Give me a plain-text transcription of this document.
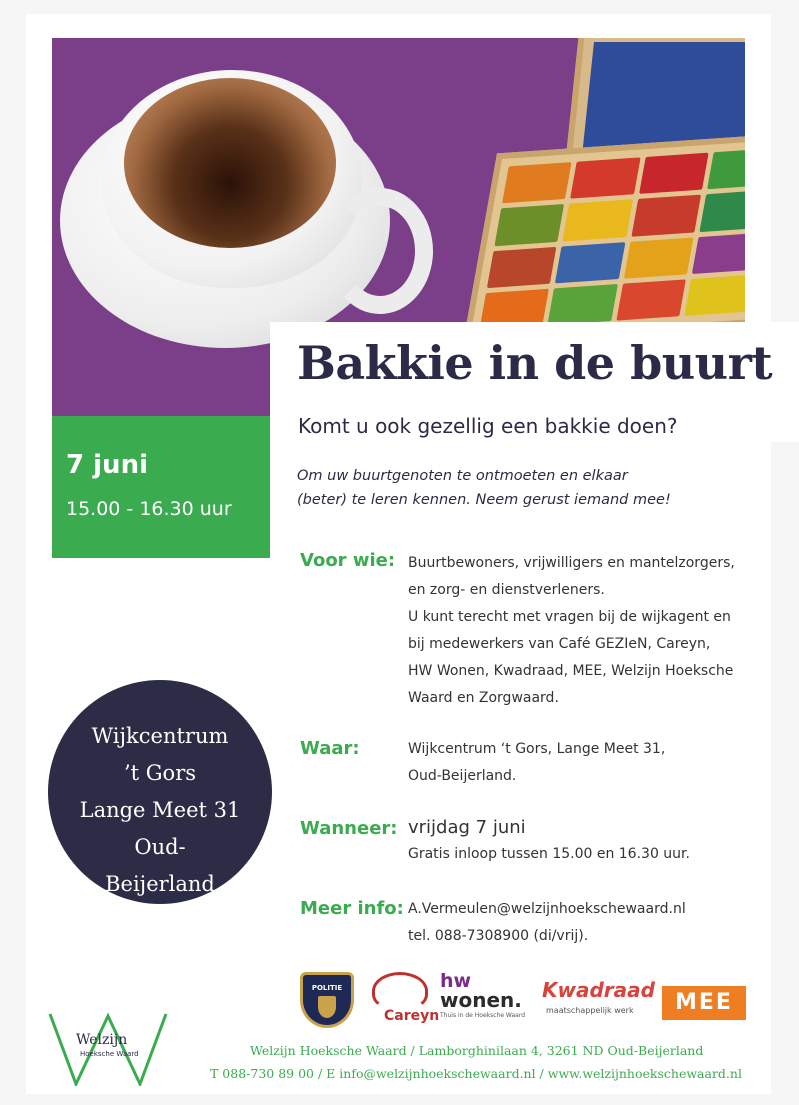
Bakkie in de buurt
Komt u ook gezellig een bakkie doen?
Om uw buurtgenoten te ontmoeten en elkaar
(beter) te leren kennen. Neem gerust iemand mee!
7 juni
15.00 - 16.30 uur
Wijkcentrum
’t Gors
Lange Meet 31
Oud-
Beijerland
Voor wie: Buurtbewoners, vrijwilligers en mantelzorgers,
en zorg- en dienstverleners.
U kunt terecht met vragen bij de wijkagent en
bij medewerkers van Café GEZIeN, Careyn,
HW Wonen, Kwadraad, MEE, Welzijn Hoeksche
Waard en Zorgwaard.
Waar:	Wijkcentrum ‘t Gors, Lange Meet 31,
Oud-Beijerland.
Wanneer: vrijdag 7 juni
Gratis inloop tussen 15.00 en 16.30 uur.
Meer info: A.Vermeulen@welzijnhoekschewaard.nl
tel. 088-7308900 (di/vrij).
POLITIE
Careyn
hw
wonen.
Thuis in de Hoeksche Waard
Kwadraad
maatschappelijk werk	MEE
Welzijn
Hoeksche Waard	Welzijn Hoeksche Waard / Lamborghinilaan 4, 3261 ND Oud-Beijerland
T 088-730 89 00 / E info@welzijnhoekschewaard.nl / www.welzijnhoekschewaard.nl
